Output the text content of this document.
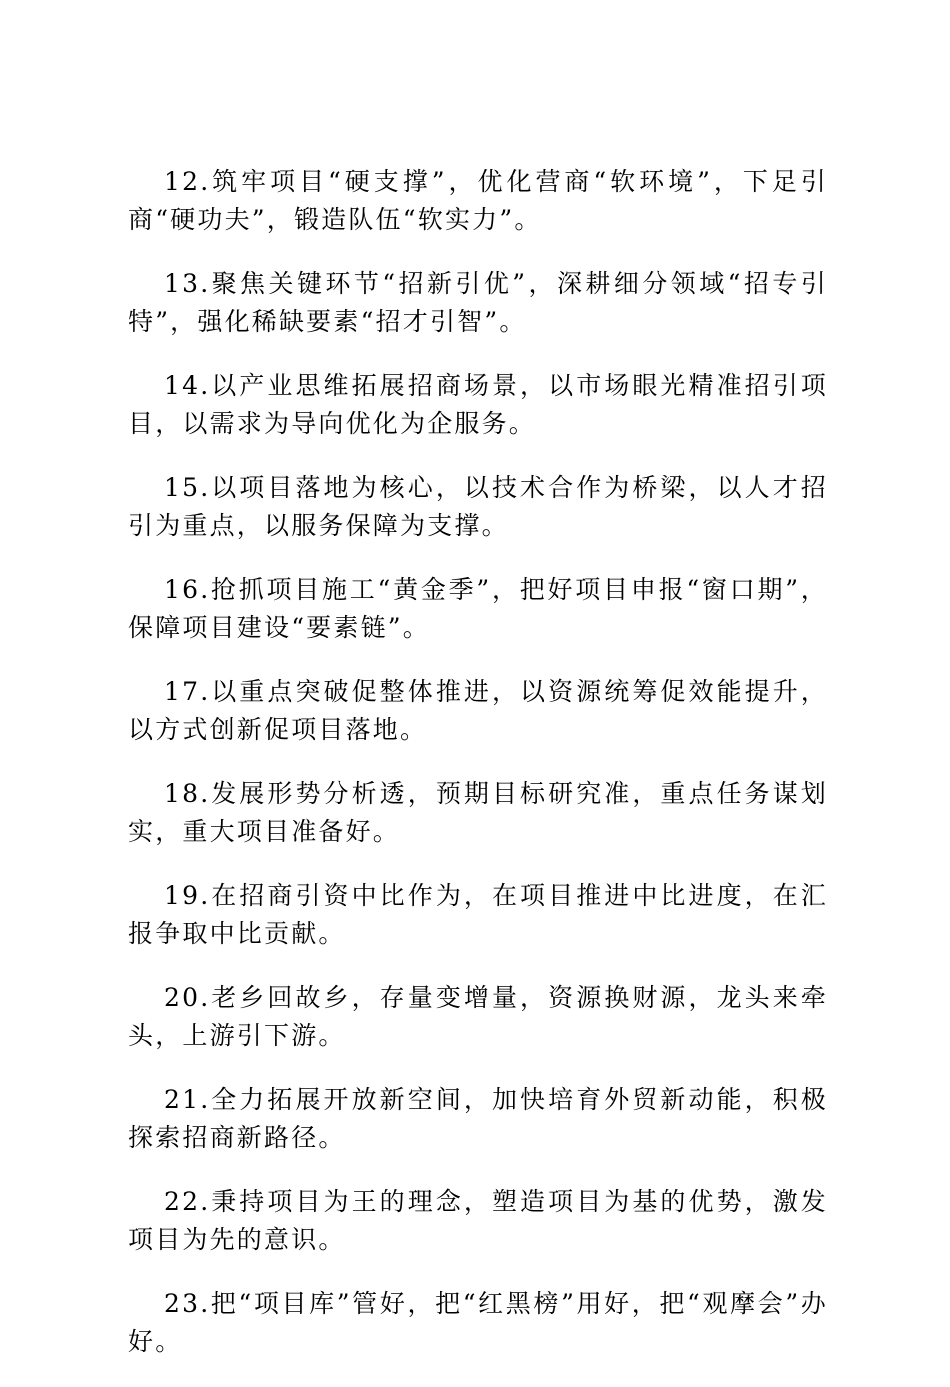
12.筑牢项目“硬支撑”，优化营商“软环境”，下足引商“硬功夫”，锻造队伍“软实力”。

13.聚焦关键环节“招新引优”，深耕细分领域“招专引特”，强化稀缺要素“招才引智”。

14.以产业思维拓展招商场景，以市场眼光精准招引项目，以需求为导向优化为企服务。

15.以项目落地为核心，以技术合作为桥梁，以人才招引为重点，以服务保障为支撑。

16.抢抓项目施工“黄金季”，把好项目申报“窗口期”，保障项目建设“要素链”。

17.以重点突破促整体推进，以资源统筹促效能提升，以方式创新促项目落地。

18.发展形势分析透，预期目标研究准，重点任务谋划实，重大项目准备好。

19.在招商引资中比作为，在项目推进中比进度，在汇报争取中比贡献。

20.老乡回故乡，存量变增量，资源换财源，龙头来牵头，上游引下游。

21.全力拓展开放新空间，加快培育外贸新动能，积极探索招商新路径。

22.秉持项目为王的理念，塑造项目为基的优势，激发项目为先的意识。

23.把“项目库”管好，把“红黑榜”用好，把“观摩会”办好。
